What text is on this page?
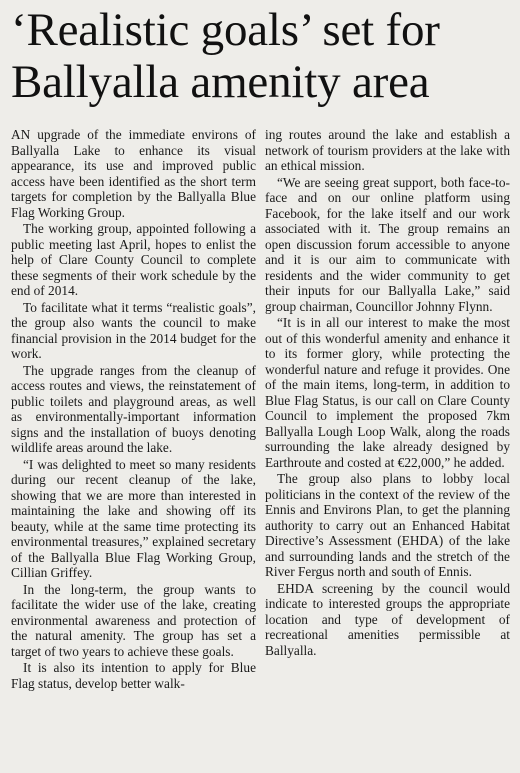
‘Realistic goals’ set for
Ballyalla amenity area

AN upgrade of the immediate environs of Ballyalla Lake to enhance its visual appearance, its use and improved public access have been identified as the short term targets for completion by the Ballyalla Blue Flag Working Group.

The working group, appointed following a public meeting last April, hopes to enlist the help of Clare County Council to complete these segments of their work schedule by the end of 2014.

To facilitate what it terms “realistic goals”, the group also wants the council to make financial provision in the 2014 budget for the work.

The upgrade ranges from the cleanup of access routes and views, the reinstatement of public toilets and playground areas, as well as environmentally-important information signs and the installation of buoys denoting wildlife areas around the lake.

“I was delighted to meet so many residents during our recent cleanup of the lake, showing that we are more than interested in maintaining the lake and showing off its beauty, while at the same time protecting its environmental treasures,” explained secretary of the Ballyalla Blue Flag Working Group, Cillian Griffey.

In the long-term, the group wants to facilitate the wider use of the lake, creating environmental awareness and protection of the natural amenity. The group has set a target of two years to achieve these goals.

It is also its intention to apply for Blue Flag status, develop better walk-

ing routes around the lake and establish a network of tourism providers at the lake with an ethical mission.

“We are seeing great support, both face-to-face and on our online platform using Facebook, for the lake itself and our work associated with it. The group remains an open discussion forum accessible to anyone and it is our aim to communicate with residents and the wider community to get their inputs for our Ballyalla Lake,” said group chairman, Councillor Johnny Flynn.

“It is in all our interest to make the most out of this wonderful amenity and enhance it to its former glory, while protecting the wonderful nature and refuge it provides. One of the main items, long-term, in addition to Blue Flag Status, is our call on Clare County Council to implement the proposed 7km Ballyalla Lough Loop Walk, along the roads surrounding the lake already designed by Earthroute and costed at €22,000,” he added.

The group also plans to lobby local politicians in the context of the review of the Ennis and Environs Plan, to get the planning authority to carry out an Enhanced Habitat Directive’s Assessment (EHDA) of the lake and surrounding lands and the stretch of the River Fergus north and south of Ennis.

EHDA screening by the council would indicate to interested groups the appropriate location and type of development of recreational amenities permissible at Ballyalla.
